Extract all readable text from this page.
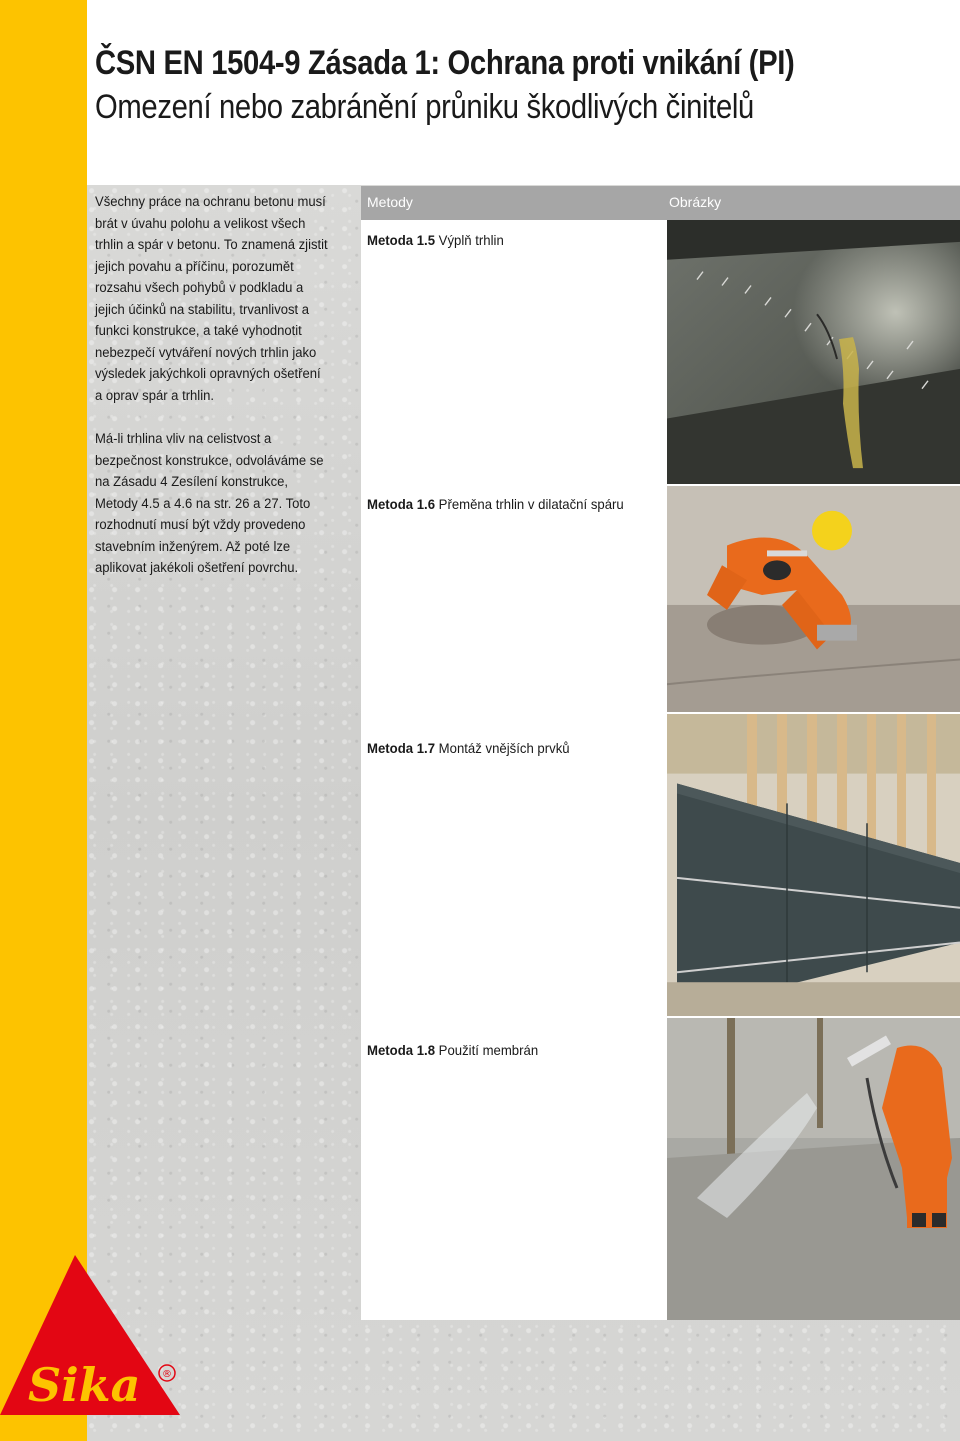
ČSN EN 1504-9 Zásada 1: Ochrana proti vnikání (PI)
Omezení nebo zabránění průniku škodlivých činitelů

Všechny práce na ochranu betonu musí brát v úvahu polohu a velikost všech trhlin a spár v betonu. To znamená zjistit jejich povahu a příčinu, porozumět rozsahu všech pohybů v podkladu a jejich účinků na stabilitu, trvanlivost a funkci konstrukce, a také vyhodnotit nebezpečí vytváření nových trhlin jako výsledek jakýchkoli opravných ošetření a oprav spár a trhlin.

Má-li trhlina vliv na celistvost a bezpečnost konstrukce, odvoláváme se na Zásadu 4 Zesílení konstrukce, Metody 4.5 a 4.6 na str. 26 a 27. Toto rozhodnutí musí být vždy provedeno stavebním inženýrem. Až poté lze aplikovat jakékoli ošetření povrchu.

Metody
Metoda 1.5 Výplň trhlin
Metoda 1.6 Přeměna trhlin v dilatační spáru
Metoda 1.7 Montáž vnějších prvků
Metoda 1.8 Použití membrán
Obrázky
Sika ®
